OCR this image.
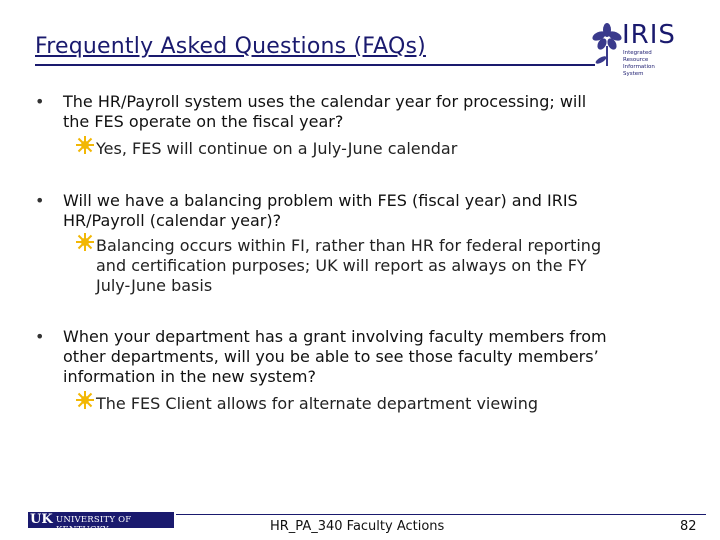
Frequently Asked Questions (FAQs)	IRIS
Integrated Resource
Information System
• The HR/Payroll system uses the calendar year for processing; will
the FES operate on the fiscal year?
Yes, FES will continue on a July-June calendar
• Will we have a balancing problem with FES (fiscal year) and IRIS
HR/Payroll (calendar year)?
Balancing occurs within FI, rather than HR for federal reporting
and certification purposes; UK will report as always on the FY
July-June basis
• When your department has a grant involving faculty members from
other departments, will you be able to see those faculty members’
information in the new system?
The FES Client allows for alternate department viewing
UK UNIVERSITY OF KENTUCKY	HR_PA_340 Faculty Actions	82
